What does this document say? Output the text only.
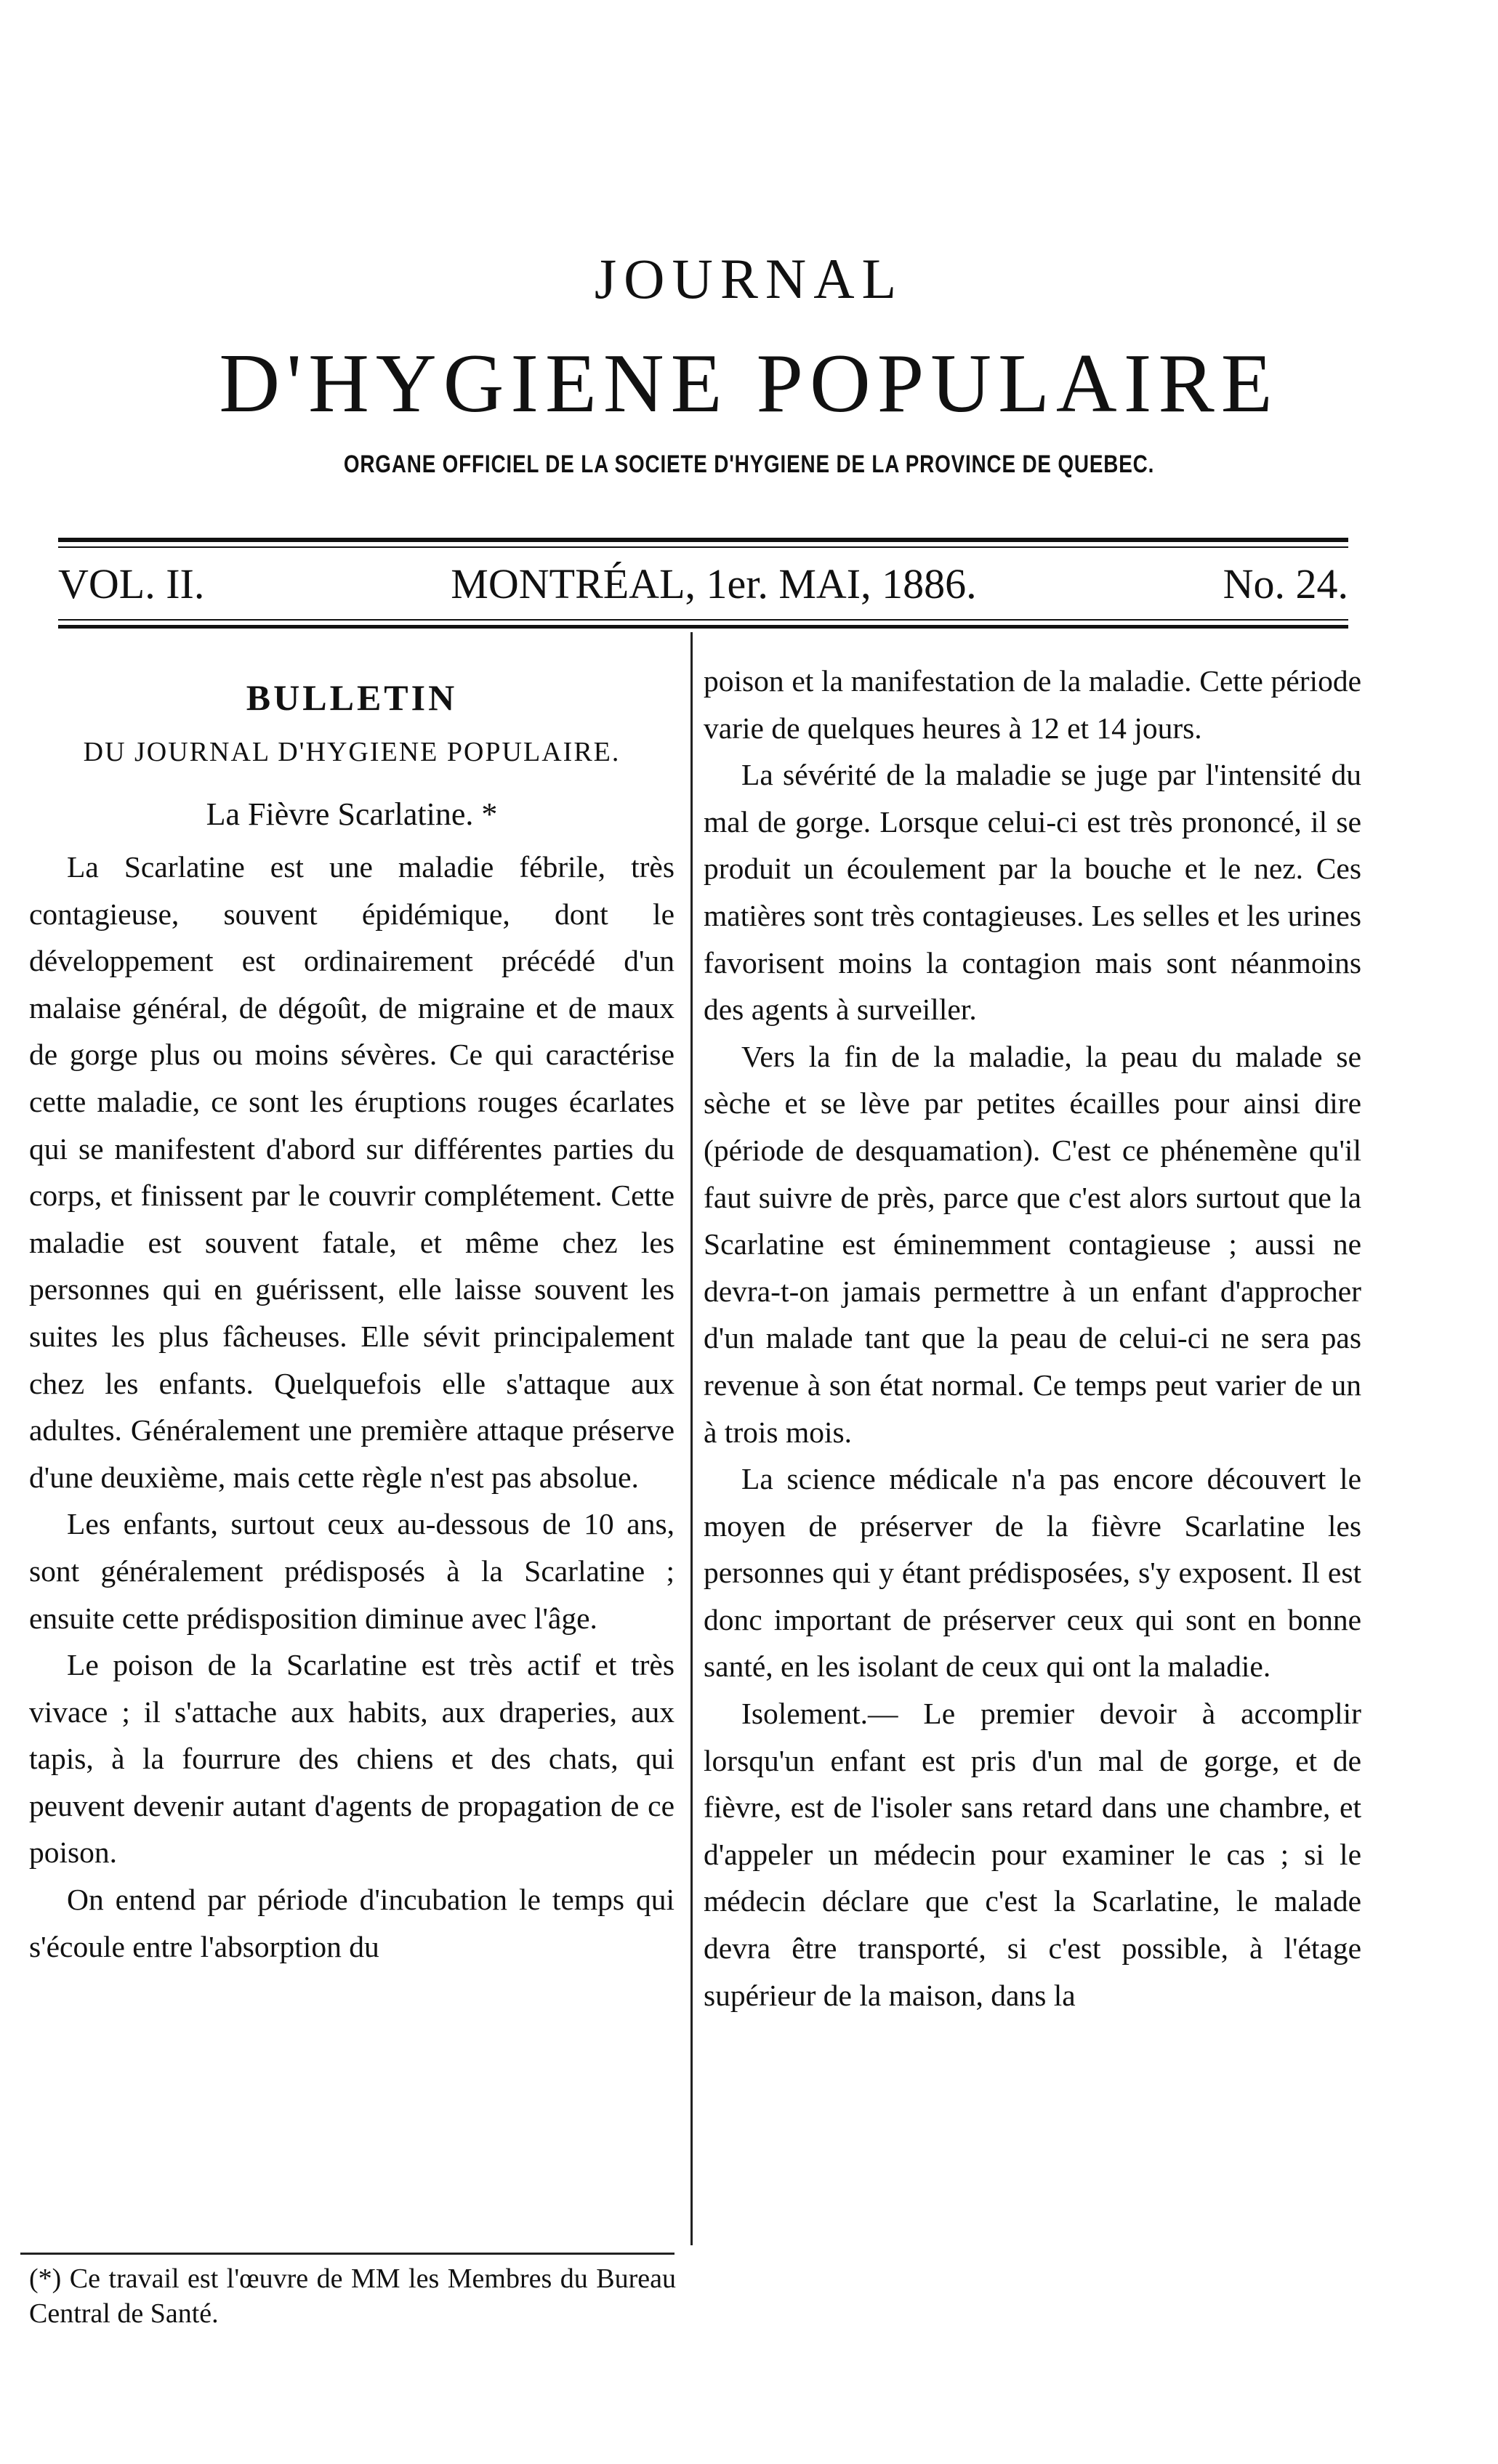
JOURNAL
D'HYGIENE POPULAIRE
ORGANE OFFICIEL DE LA SOCIETE D'HYGIENE DE LA PROVINCE DE QUEBEC.
VOL. II.	MONTRÉAL, 1er. MAI, 1886.	No. 24.
BULLETIN
DU JOURNAL D'HYGIENE POPULAIRE.
La Fièvre Scarlatine. *

La Scarlatine est une maladie fébrile, très contagieuse, souvent épidémique, dont le développement est ordinairement précédé d'un malaise général, de dégoût, de migraine et de maux de gorge plus ou moins sévères. Ce qui caractérise cette maladie, ce sont les éruptions rouges écarlates qui se manifestent d'abord sur différentes parties du corps, et finissent par le couvrir complétement. Cette maladie est souvent fatale, et même chez les personnes qui en guérissent, elle laisse souvent les suites les plus fâcheuses. Elle sévit principalement chez les enfants. Quelquefois elle s'attaque aux adultes. Généralement une première attaque préserve d'une deuxième, mais cette règle n'est pas absolue.

Les enfants, surtout ceux au-dessous de 10 ans, sont généralement prédisposés à la Scarlatine ; ensuite cette prédisposition diminue avec l'âge.

Le poison de la Scarlatine est très actif et très vivace ; il s'attache aux habits, aux draperies, aux tapis, à la fourrure des chiens et des chats, qui peuvent devenir autant d'agents de propagation de ce poison.

On entend par période d'incubation le temps qui s'écoule entre l'absorption du

poison et la manifestation de la maladie. Cette période varie de quelques heures à 12 et 14 jours.

La sévérité de la maladie se juge par l'intensité du mal de gorge. Lorsque celui-ci est très prononcé, il se produit un écoulement par la bouche et le nez. Ces matières sont très contagieuses. Les selles et les urines favorisent moins la contagion mais sont néanmoins des agents à surveiller.

Vers la fin de la maladie, la peau du malade se sèche et se lève par petites écailles pour ainsi dire (période de desquamation). C'est ce phénemène qu'il faut suivre de près, parce que c'est alors surtout que la Scarlatine est éminemment contagieuse ; aussi ne devra-t-on jamais permettre à un enfant d'approcher d'un malade tant que la peau de celui-ci ne sera pas revenue à son état normal. Ce temps peut varier de un à trois mois.

La science médicale n'a pas encore découvert le moyen de préserver de la fièvre Scarlatine les personnes qui y étant prédisposées, s'y exposent. Il est donc important de préserver ceux qui sont en bonne santé, en les isolant de ceux qui ont la maladie.

Isolement.— Le premier devoir à accomplir lorsqu'un enfant est pris d'un mal de gorge, et de fièvre, est de l'isoler sans retard dans une chambre, et d'appeler un médecin pour examiner le cas ; si le médecin déclare que c'est la Scarlatine, le malade devra être transporté, si c'est possible, à l'étage supérieur de la maison, dans la

(*) Ce travail est l'œuvre de MM les Membres du Bureau Central de Santé.
